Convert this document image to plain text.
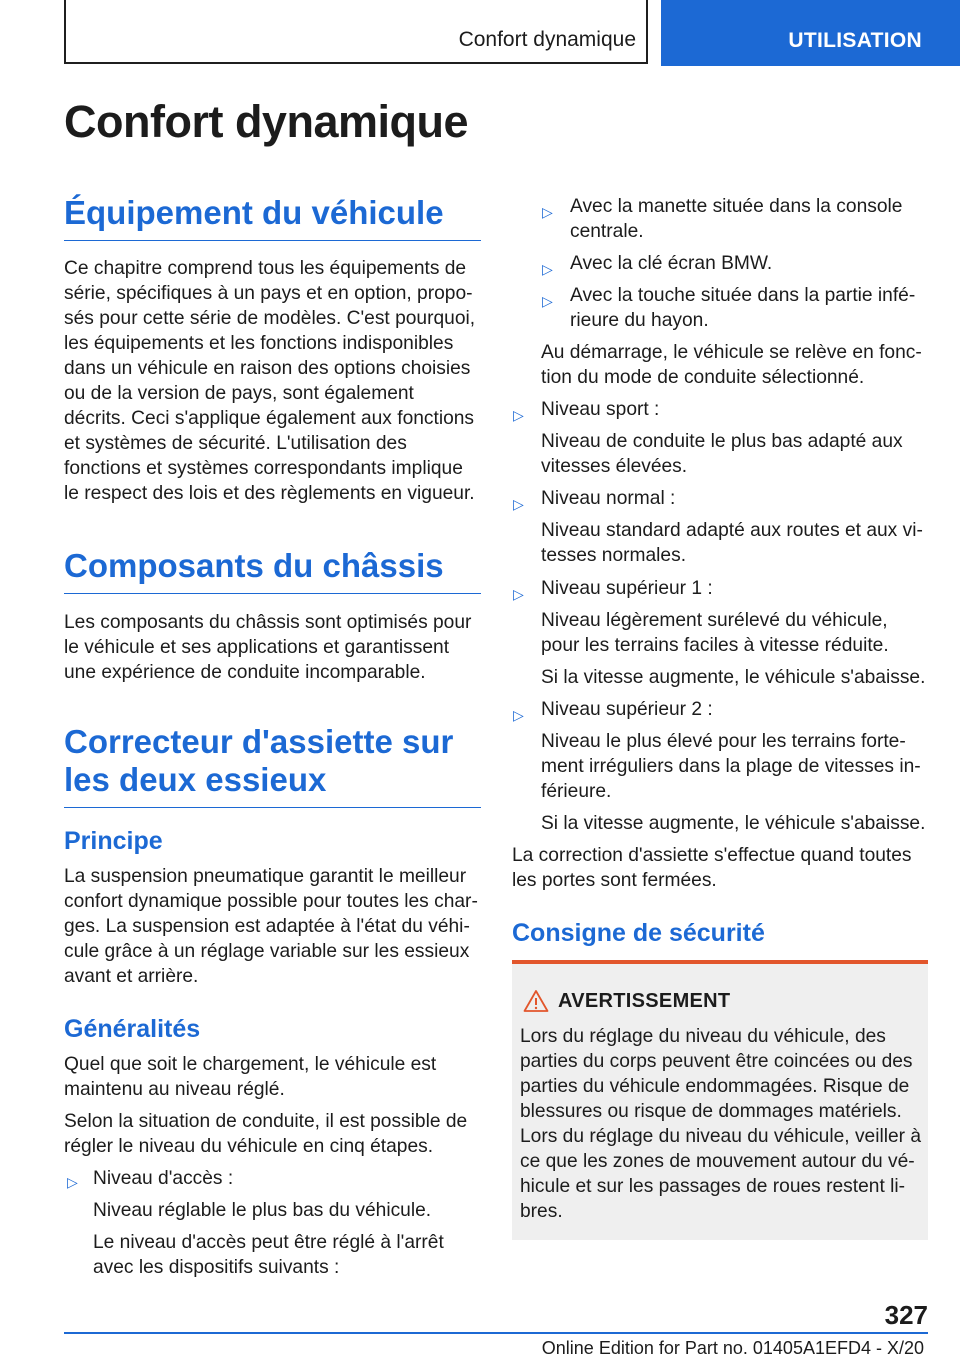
Confort dynamique	UTILISATION
Confort dynamique
Équipement du véhicule

Ce chapitre comprend tous les équipements de série, spécifiques à un pays et en option, proposés pour cette série de modèles. C'est pourquoi, les équipements et les fonctions indisponibles dans un véhicule en raison des options choisies ou de la version de pays, sont également décrits. Ceci s'applique également aux fonctions et systèmes de sécurité. L'utilisation des fonctions et systèmes correspondants implique le respect des lois et des règlements en vigueur.

Composants du châssis

Les composants du châssis sont optimisés pour le véhicule et ses applications et garantissent une expérience de conduite incomparable.

Correcteur d'assiette sur les deux essieux
Principe

La suspension pneumatique garantit le meilleur confort dynamique possible pour toutes les charges. La suspension est adaptée à l'état du véhicule grâce à un réglage variable sur les essieux avant et arrière.

Généralités

Quel que soit le chargement, le véhicule est maintenu au niveau réglé.

Selon la situation de conduite, il est possible de régler le niveau du véhicule en cinq étapes.

▷ Niveau d'accès :

Niveau réglable le plus bas du véhicule.

Le niveau d'accès peut être réglé à l'arrêt avec les dispositifs suivants :

▷ Avec la manette située dans la console centrale.

▷ Avec la clé écran BMW.

▷ Avec la touche située dans la partie inférieure du hayon.

Au démarrage, le véhicule se relève en fonction du mode de conduite sélectionné.

▷ Niveau sport :

Niveau de conduite le plus bas adapté aux vitesses élevées.

▷ Niveau normal :

Niveau standard adapté aux routes et aux vitesses normales.

▷ Niveau supérieur 1 :

Niveau légèrement surélevé du véhicule, pour les terrains faciles à vitesse réduite.

Si la vitesse augmente, le véhicule s'abaisse.

▷ Niveau supérieur 2 :

Niveau le plus élevé pour les terrains fortement irréguliers dans la plage de vitesses inférieure.

Si la vitesse augmente, le véhicule s'abaisse.

La correction d'assiette s'effectue quand toutes les portes sont fermées.

Consigne de sécurité
AVERTISSEMENT

Lors du réglage du niveau du véhicule, des parties du corps peuvent être coincées ou des parties du véhicule endommagées. Risque de blessures ou risque de dommages matériels. Lors du réglage du niveau du véhicule, veiller à ce que les zones de mouvement autour du véhicule et sur les passages de roues restent libres.

327
Online Edition for Part no. 01405A1EFD4 - X/20
